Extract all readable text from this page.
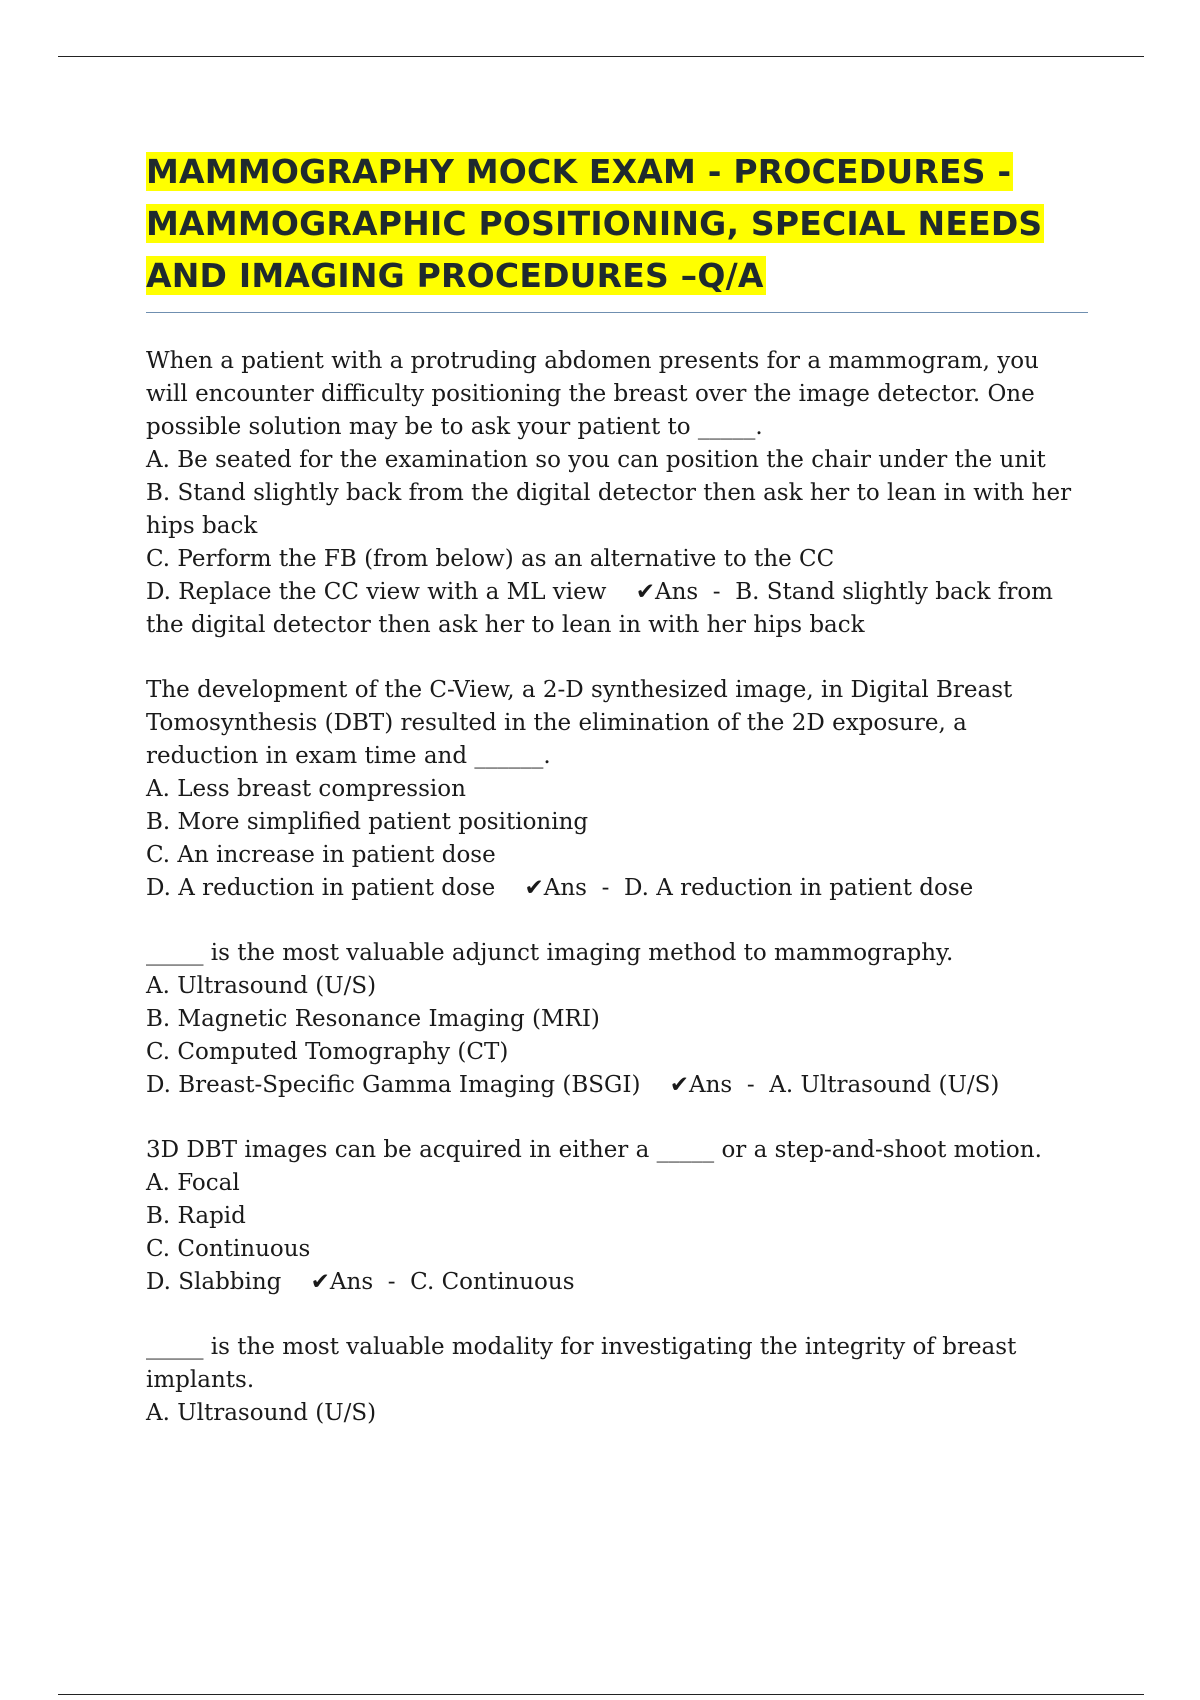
MAMMOGRAPHY MOCK EXAM - PROCEDURES - MAMMOGRAPHIC POSITIONING, SPECIAL NEEDS AND IMAGING PROCEDURES –Q/A

When a patient with a protruding abdomen presents for a mammogram, you will encounter difficulty positioning the breast over the image detector. One possible solution may be to ask your patient to _____.

A. Be seated for the examination so you can position the chair under the unit

B. Stand slightly back from the digital detector then ask her to lean in with her hips back

C. Perform the FB (from below) as an alternative to the CC

D. Replace the CC view with a ML view ✔Ans  -  B. Stand slightly back from the digital detector then ask her to lean in with her hips back

The development of the C-View, a 2-D synthesized image, in Digital Breast Tomosynthesis (DBT) resulted in the elimination of the 2D exposure, a reduction in exam time and ______.

A. Less breast compression

B. More simplified patient positioning

C. An increase in patient dose

D. A reduction in patient dose ✔Ans  -  D. A reduction in patient dose

_____ is the most valuable adjunct imaging method to mammography.

A. Ultrasound (U/S)

B. Magnetic Resonance Imaging (MRI)

C. Computed Tomography (CT)

D. Breast-Specific Gamma Imaging (BSGI) ✔Ans  -  A. Ultrasound (U/S)

3D DBT images can be acquired in either a _____ or a step-and-shoot motion.

A. Focal

B. Rapid

C. Continuous

D. Slabbing ✔Ans  -  C. Continuous

_____ is the most valuable modality for investigating the integrity of breast implants.

A. Ultrasound (U/S)
